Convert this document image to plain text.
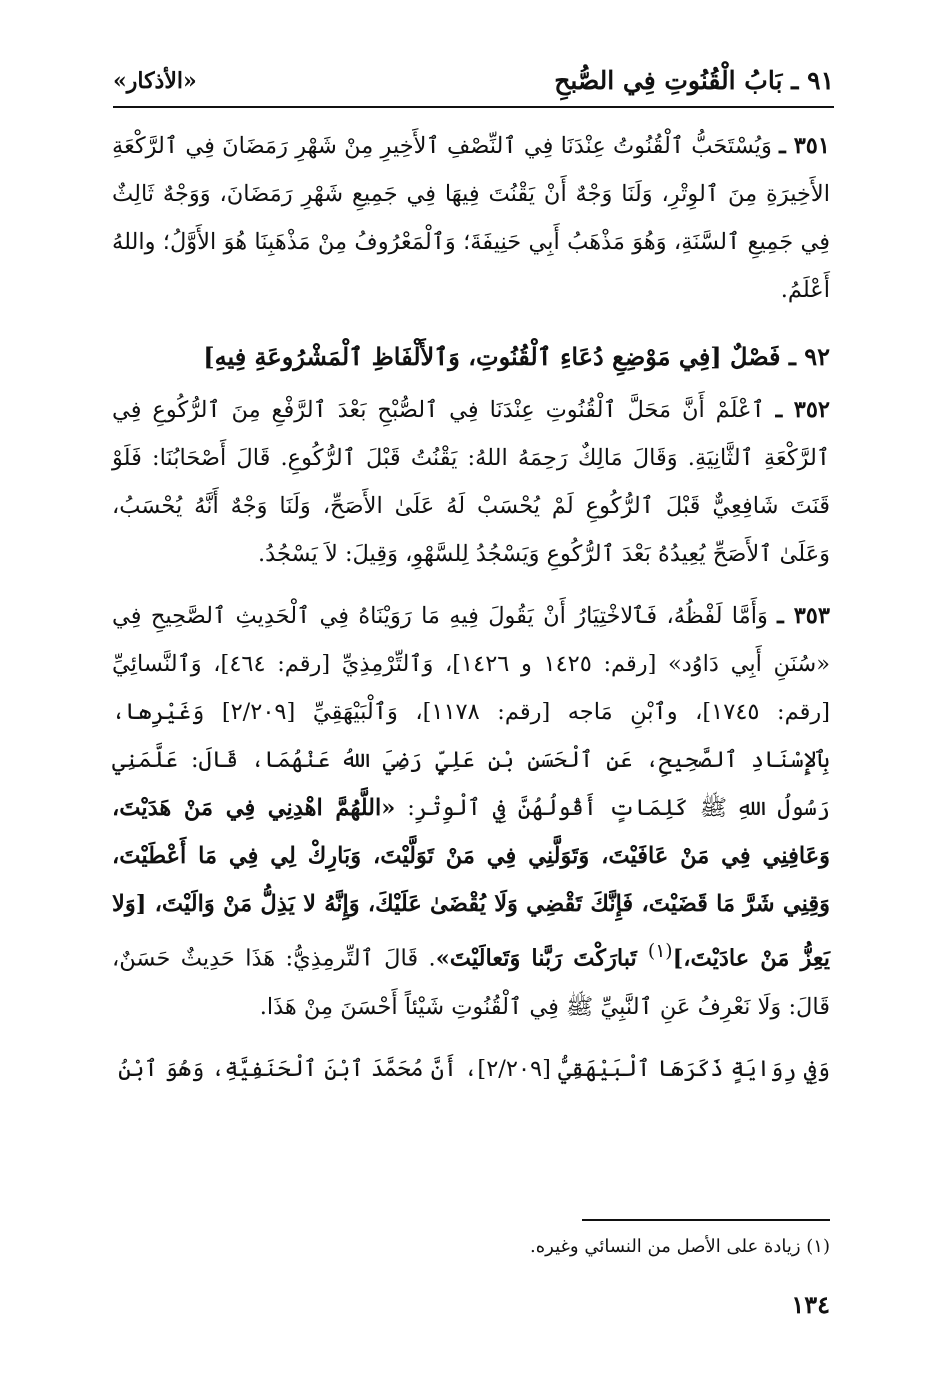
٩١ ـ بَابُ الْقُنُوتِ فِي الصُّبحِ
«الأذكار»

٣٥١ ـ وَيُسْتَحَبُّ ٱلْقُنُوتُ عِنْدَنَا فِي ٱلنِّصْفِ ٱلأَخِيرِ مِنْ شَهْرِ رَمَضَانَ فِي ٱلرَّكْعَةِ الأَخِيرَةِ مِنَ ٱلوِتْرِ، وَلَنَا وَجْهٌ أَنْ يَقْنُتَ فِيهَا فِي جَمِيعِ شَهْرِ رَمَضَانَ، وَوَجْهٌ ثَالِثٌ فِي جَمِيعِ ٱلسَّنَةِ، وَهُوَ مَذْهَبُ أَبِي حَنِيفَةَ؛ وَٱلْمَعْرُوفُ مِنْ مَذْهَبِنَا هُوَ الأَوَّلُ؛ واللهُ أَعْلَمُ.

٩٢ ـ فَصْلٌ [فِي مَوْضِعِ دُعَاءِ ٱلْقُنُوتِ، وَٱلأَلْفَاظِ ٱلْمَشْرُوعَةِ فِيهِ]

٣٥٢ ـ ٱعْلَمْ أَنَّ مَحَلَّ ٱلْقُنُوتِ عِنْدَنَا فِي ٱلصُّبْحِ بَعْدَ ٱلرَّفْعِ مِنَ ٱلرُّكُوعِ فِي ٱلرَّكْعَةِ ٱلثَّانِيَةِ. وَقَالَ مَالِكٌ رَحِمَهُ اللهُ: يَقْنُتُ قَبْلَ ٱلرُّكُوعِ. قَالَ أَصْحَابُنَا: فَلَوْ قَنَتَ شَافِعِيٌّ قَبْلَ ٱلرُّكُوعِ لَمْ يُحْسَبْ لَهُ عَلَىٰ الأَصَحِّ، وَلَنَا وَجْهٌ أَنَّهُ يُحْسَبُ، وَعَلَىٰ ٱلأَصَحِّ يُعِيدُهُ بَعْدَ ٱلرُّكُوعِ وَيَسْجُدُ لِلسَّهْوِ، وَقِيلَ: لاَ يَسْجُدُ.

٣٥٣ ـ وَأَمَّا لَفْظُهُ، فَٱلاخْتِيَارُ أَنْ يَقُولَ فِيهِ مَا رَوَيْنَاهُ فِي ٱلْحَدِيثِ ٱلصَّحِيحِ فِي «سُنَنِ أَبِي دَاوُد» [رقم: ١٤٢٥ و ١٤٢٦]، وَٱلتِّرْمِذِيِّ [رقم: ٤٦٤]، وَٱلنَّسائِيِّ [رقم: ١٧٤٥]، وٱبْنِ مَاجه [رقم: ١١٧٨]، وَٱلْبَيْهَقِيِّ [٢/٢٠٩] وَغَيْرِها، بِٱلإِسْنَادِ ٱلصَّحِيحِ، عَنِ ٱلْحَسَنِ بْنِ عَلِيٍّ رَضِيَ اللهُ عَنْهُمَا، قَالَ: عَلَّمَنِي رَسُولُ اللهِ ﷺ كَلِمَاتٍ أَقُولُهُنَّ فِي ٱلْوِتْرِ: «اللَّهُمَّ اهْدِنِي فِي مَنْ هَدَيْتَ، وَعَافِنِي فِي مَنْ عَافَيْتَ، وَتَوَلَّنِي فِي مَنْ تَوَلَّيْتَ، وَبَارِكْ لِي فِي مَا أَعْطَيْتَ، وَقِنِي شَرَّ مَا قَضَيْتَ، فَإِنَّكَ تَقْضِي وَلَا يُقْضَىٰ عَلَيْكَ، وَإِنَّهُ لا يَذِلُّ مَنْ وَالَيْتَ، [وَلا يَعِزُّ مَنْ عادَيْتَ،]$^{(١)}$ تَبارَكْتَ رَبَّنا وَتَعالَيْتَ». قَالَ ٱلتِّرمِذِيُّ: هَذَا حَدِيثٌ حَسَنٌ، قَالَ: وَلَا نَعْرِفُ عَنِ ٱلنَّبِيِّ ﷺ فِي ٱلْقُنُوتِ شَيْئاً أَحْسَنَ مِنْ هَذَا.

وَفِي رِوَايَةٍ ذَكَرَهَا ٱلْبَيْهَقِيُّ [٢/٢٠٩]، أَنَّ مُحَمَّدَ ٱبْنَ ٱلْحَنَفِيَّةِ، وَهُوَ ٱبْنُ

(١) زيادة على الأصل من النسائي وغيره.
١٣٤
